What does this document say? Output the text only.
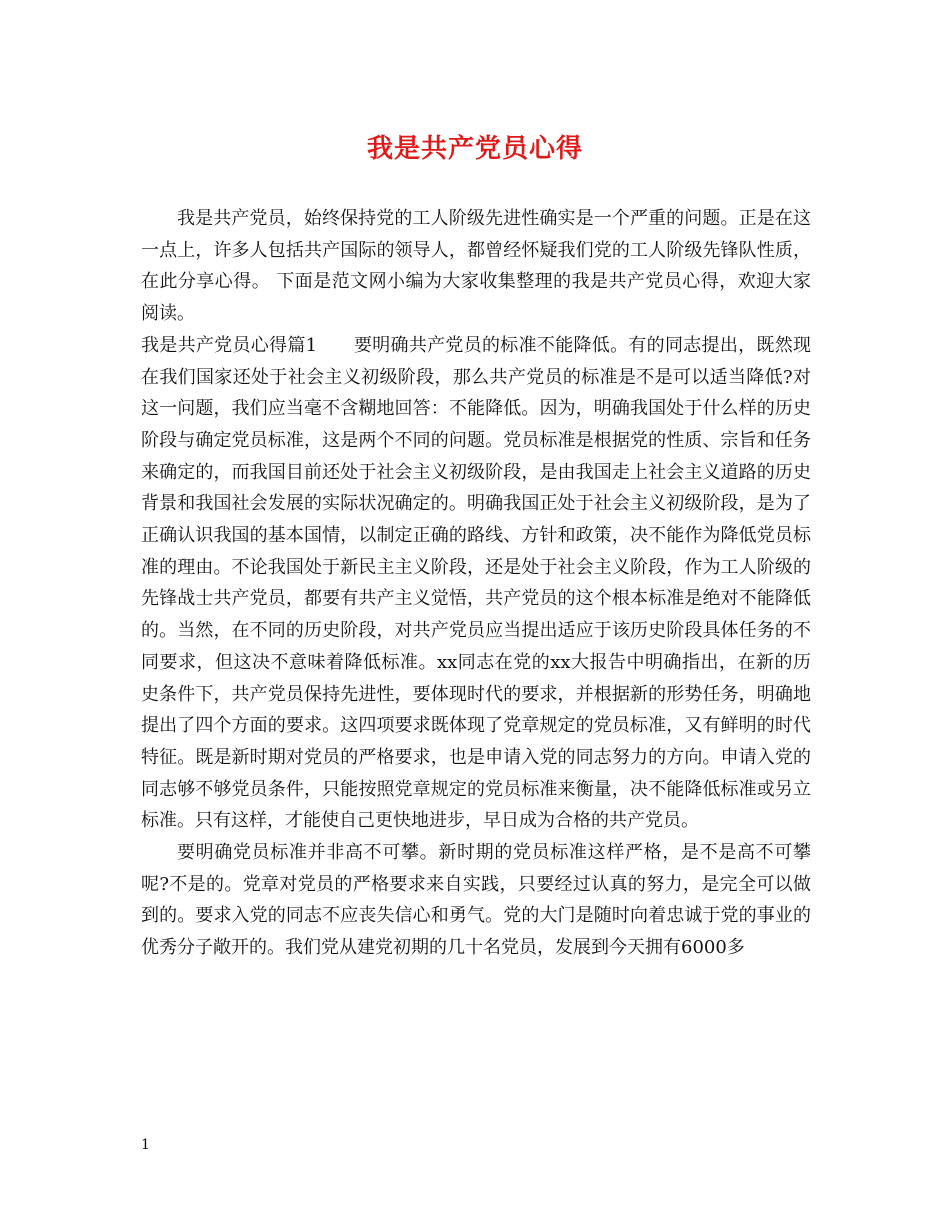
我是共产党员心得

我是共产党员，始终保持党的工人阶级先进性确实是一个严重的问题。正是在这一点上，许多人包括共产国际的领导人，都曾经怀疑我们党的工人阶级先锋队性质，在此分享心得。 下面是范文网小编为大家收集整理的我是共产党员心得，欢迎大家阅读。

我是共产党员心得篇1　　要明确共产党员的标准不能降低。有的同志提出，既然现在我们国家还处于社会主义初级阶段，那么共产党员的标准是不是可以适当降低?对这一问题，我们应当毫不含糊地回答：不能降低。因为，明确我国处于什么样的历史阶段与确定党员标准，这是两个不同的问题。党员标准是根据党的性质、宗旨和任务来确定的，而我国目前还处于社会主义初级阶段，是由我国走上社会主义道路的历史背景和我国社会发展的实际状况确定的。明确我国正处于社会主义初级阶段，是为了正确认识我国的基本国情，以制定正确的路线、方针和政策，决不能作为降低党员标准的理由。不论我国处于新民主主义阶段，还是处于社会主义阶段，作为工人阶级的先锋战士共产党员，都要有共产主义觉悟，共产党员的这个根本标准是绝对不能降低的。当然，在不同的历史阶段，对共产党员应当提出适应于该历史阶段具体任务的不同要求，但这决不意味着降低标准。xx同志在党的xx大报告中明确指出，在新的历史条件下，共产党员保持先进性，要体现时代的要求，并根据新的形势任务，明确地提出了四个方面的要求。这四项要求既体现了党章规定的党员标准，又有鲜明的时代特征。既是新时期对党员的严格要求，也是申请入党的同志努力的方向。申请入党的同志够不够党员条件，只能按照党章规定的党员标准来衡量，决不能降低标准或另立标准。只有这样，才能使自己更快地进步，早日成为合格的共产党员。

要明确党员标准并非高不可攀。新时期的党员标准这样严格，是不是高不可攀呢?不是的。党章对党员的严格要求来自实践，只要经过认真的努力，是完全可以做到的。要求入党的同志不应丧失信心和勇气。党的大门是随时向着忠诚于党的事业的优秀分子敞开的。我们党从建党初期的几十名党员，发展到今天拥有6000多

1
